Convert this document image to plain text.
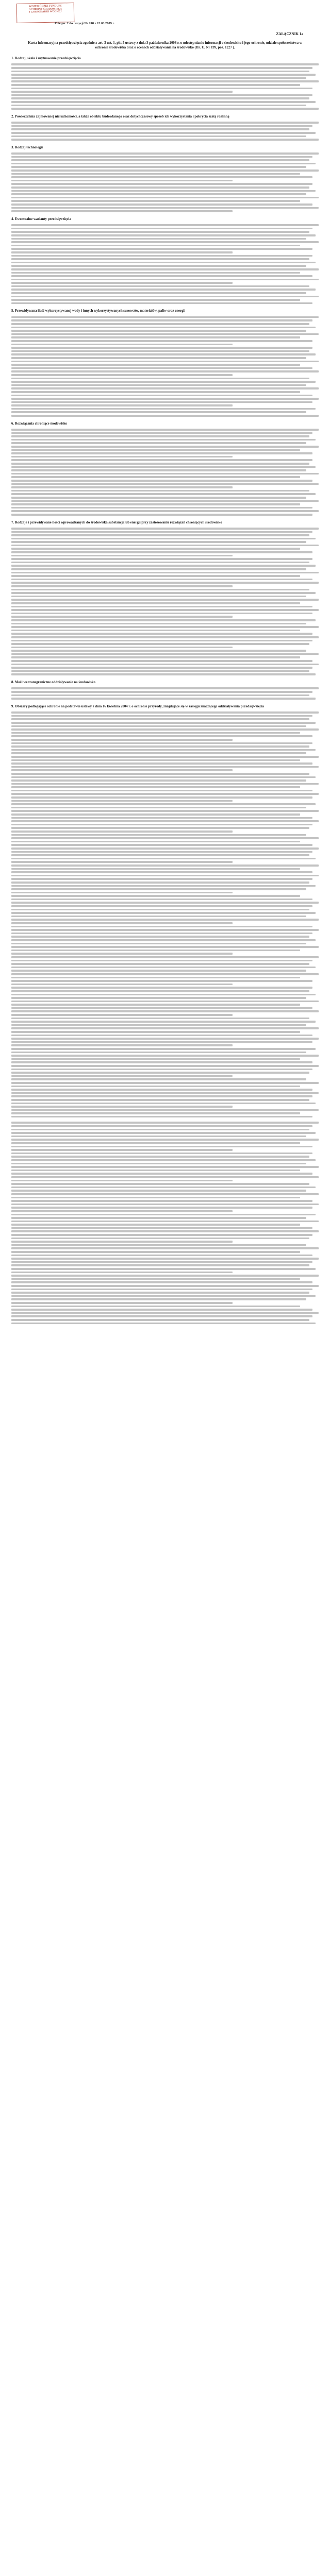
WOJEWÓDZKI FUNDUSZ
OCHRONY ŚRODOWISKA
I GOSPODARKI WODNEJ
Pole pn. 2 do decyzji Nr 248 z 13.03.2009 r.
ZAŁĄCZNIK 1a
Karta informacyjna przedsięwzięcia zgodnie z art. 3 ust. 1, pkt 5 ustawy z dnia 3 października 2008 r. o udostępnianiu informacji o środowisku i jego ochronie, udziale społeczeństwa w ochronie środowiska oraz o ocenach oddziaływania na środowisko (Dz. U. Nr 199, poz. 1227 ).
1. Rodzaj, skala i usytuowanie przedsięwzięcia
2. Powierzchnia zajmowanej nieruchomości, a także obiektu budowlanego oraz dotychczasowy sposób ich wykorzystania i pokrycia szatą roślinną
3. Rodzaj technologii
4. Ewentualne warianty przedsięwzięcia
5. Przewidywana ilość wykorzystywanej wody i innych wykorzystywanych surowców, materiałów, paliw oraz energii
6. Rozwiązania chroniące środowisko
7. Rodzaje i przewidywane ilości wprowadzanych do środowiska substancji lub energii przy zastosowaniu rozwiązań chroniących środowisko
8. Możliwe transgraniczne oddziaływanie na środowisko
9. Obszary podlegające ochronie na podstawie ustawy z dnia 16 kwietnia 2004 r. o ochronie przyrody, znajdujące się w zasięgu znaczącego oddziaływania przedsięwzięcia
